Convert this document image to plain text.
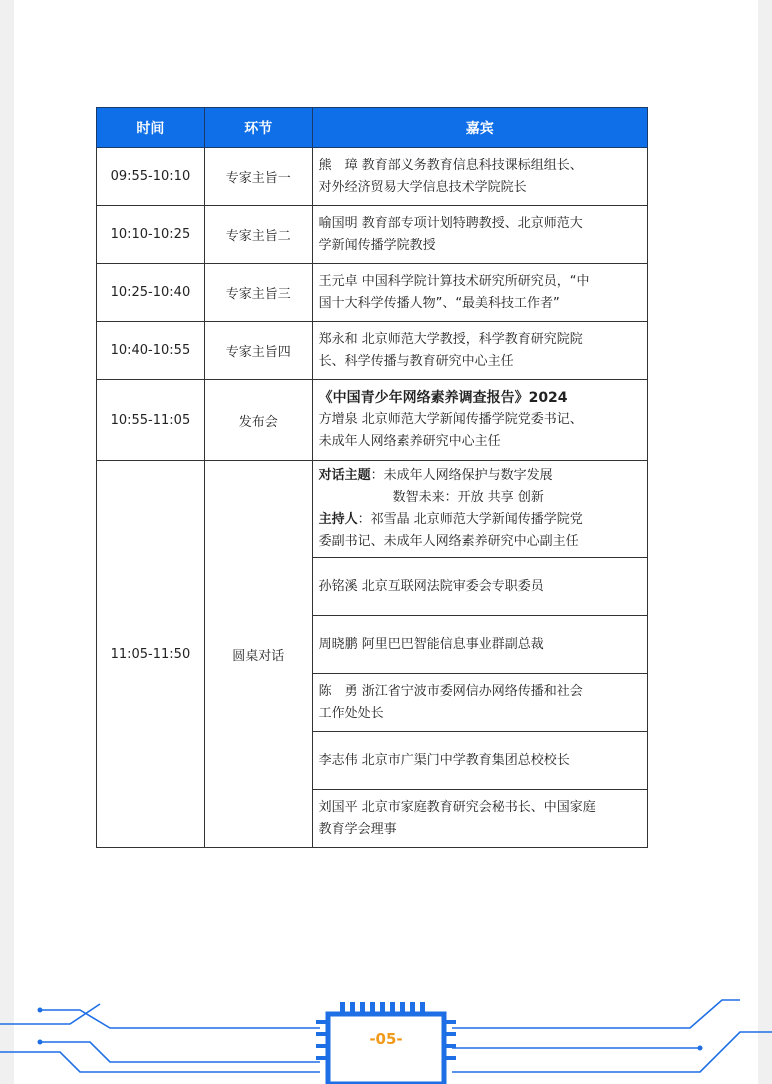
时间	环节	嘉宾
09:55-10:10	专家主旨一	熊　璋 教育部义务教育信息科技课标组组长、
对外经济贸易大学信息技术学院院长

10:10-10:25	专家主旨二	喻国明 教育部专项计划特聘教授、北京师范大
学新闻传播学院教授

10:25-10:40	专家主旨三	王元卓 中国科学院计算技术研究所研究员，“中
国十大科学传播人物”、“最美科技工作者”

10:40-10:55	专家主旨四	郑永和 北京师范大学教授，科学教育研究院院
长、科学传播与教育研究中心主任

10:55-11:05	发布会	《中国青少年网络素养调查报告》2024
方增泉 北京师范大学新闻传播学院党委书记、
未成年人网络素养研究中心主任

11:05-11:50	圆桌对话	对话主题：未成年人网络保护与数字发展
数智未来：开放 共享 创新
主持人：祁雪晶 北京师范大学新闻传播学院党
委副书记、未成年人网络素养研究中心副主任

		孙铭溪 北京互联网法院审委会专职委员

		周晓鹏 阿里巴巴智能信息事业群副总裁

		陈　勇 浙江省宁波市委网信办网络传播和社会
工作处处长

		李志伟 北京市广渠门中学教育集团总校校长

		刘国平 北京市家庭教育研究会秘书长、中国家庭
教育学会理事
-05-
